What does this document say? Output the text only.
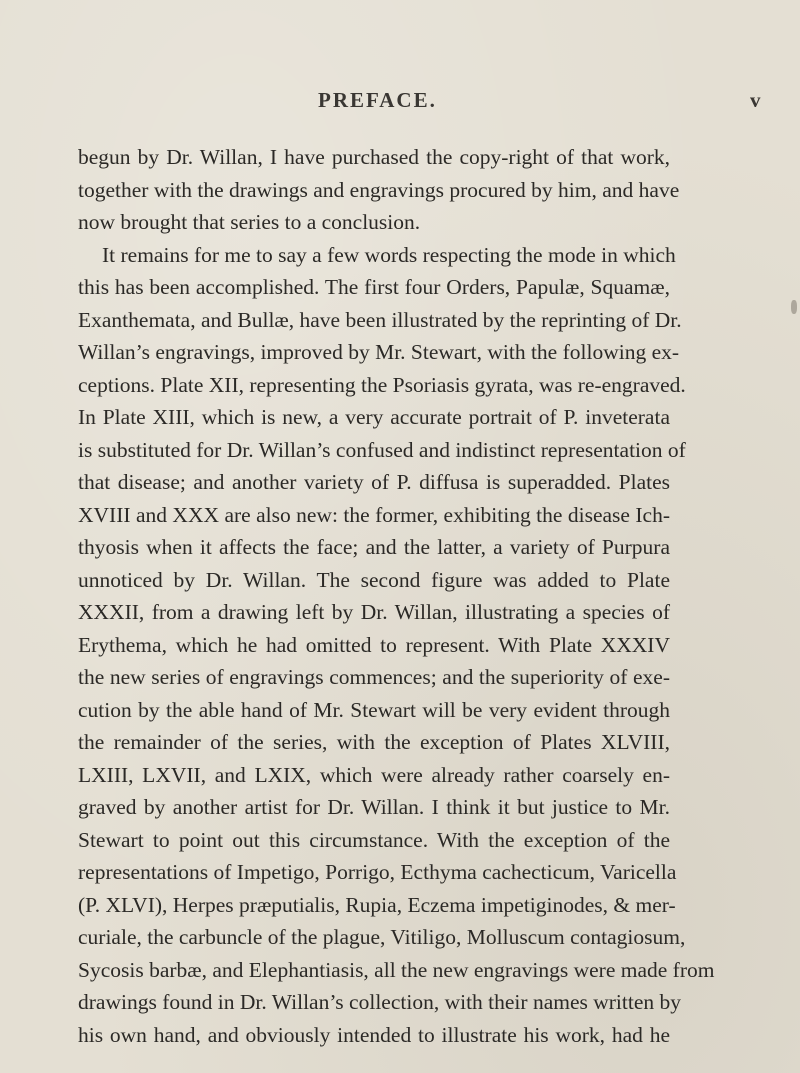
PREFACE.	v
begun by Dr. Willan, I have purchased the copy-right of that work,
together with the drawings and engravings procured by him, and have
now brought that series to a conclusion.
It remains for me to say a few words respecting the mode in which
this has been accomplished. The first four Orders, Papulæ, Squamæ,
Exanthemata, and Bullæ, have been illustrated by the reprinting of Dr.
Willan’s engravings, improved by Mr. Stewart, with the following ex-
ceptions. Plate XII, representing the Psoriasis gyrata, was re-engraved.
In Plate XIII, which is new, a very accurate portrait of P. inveterata
is substituted for Dr. Willan’s confused and indistinct representation of
that disease; and another variety of P. diffusa is superadded. Plates
XVIII and XXX are also new: the former, exhibiting the disease Ich-
thyosis when it affects the face; and the latter, a variety of Purpura
unnoticed by Dr. Willan. The second figure was added to Plate
XXXII, from a drawing left by Dr. Willan, illustrating a species of
Erythema, which he had omitted to represent. With Plate XXXIV
the new series of engravings commences; and the superiority of exe-
cution by the able hand of Mr. Stewart will be very evident through
the remainder of the series, with the exception of Plates XLVIII,
LXIII, LXVII, and LXIX, which were already rather coarsely en-
graved by another artist for Dr. Willan. I think it but justice to Mr.
Stewart to point out this circumstance. With the exception of the
representations of Impetigo, Porrigo, Ecthyma cachecticum, Varicella
(P. XLVI), Herpes præputialis, Rupia, Eczema impetiginodes, & mer-
curiale, the carbuncle of the plague, Vitiligo, Molluscum contagiosum,
Sycosis barbæ, and Elephantiasis, all the new engravings were made from
drawings found in Dr. Willan’s collection, with their names written by
his own hand, and obviously intended to illustrate his work, had he
